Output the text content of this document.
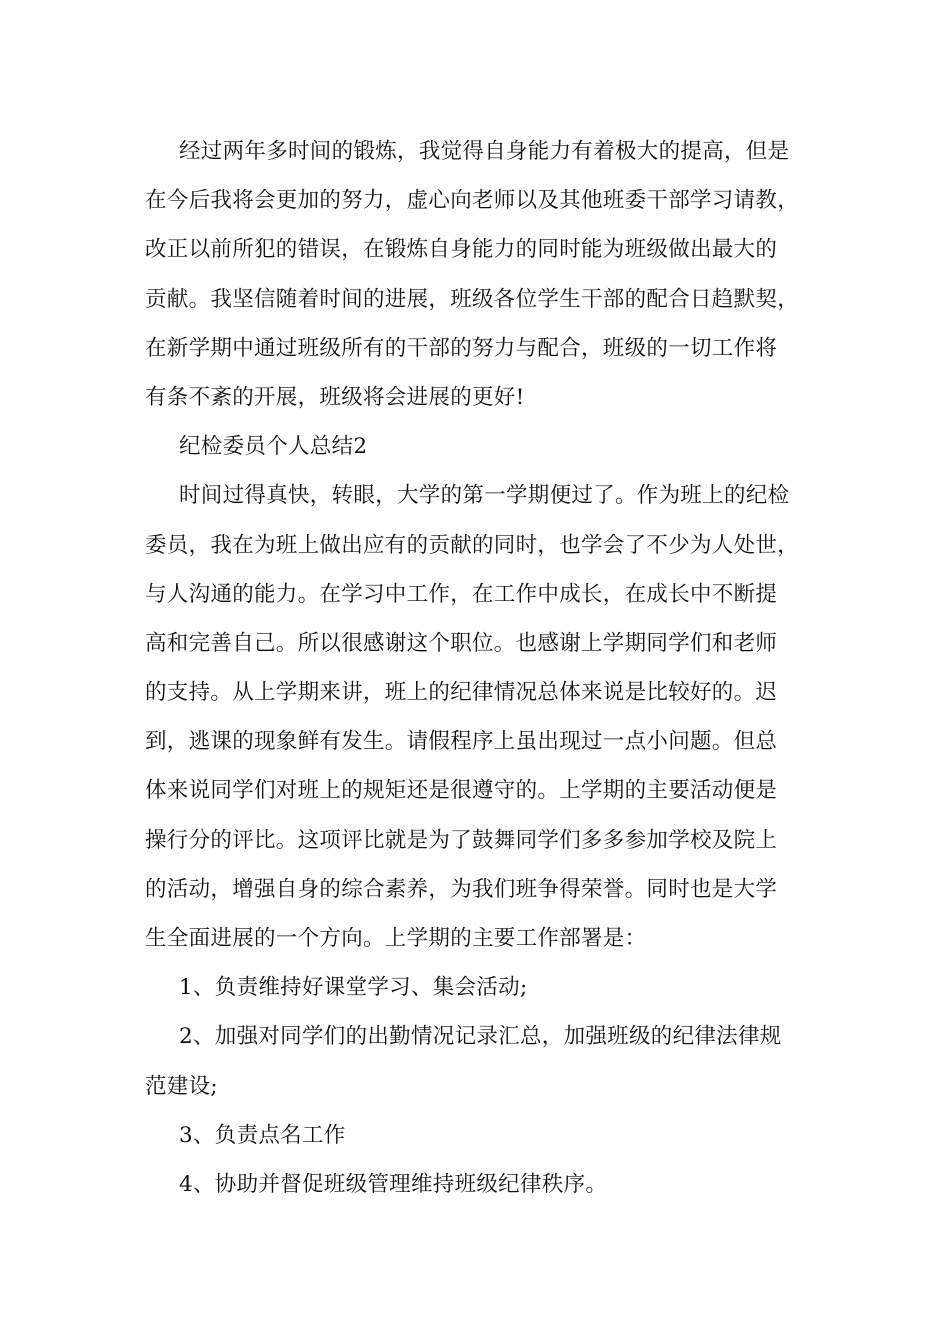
经过两年多时间的锻炼，我觉得自身能力有着极大的提高，但是
在今后我将会更加的努力，虚心向老师以及其他班委干部学习请教，
改正以前所犯的错误，在锻炼自身能力的同时能为班级做出最大的
贡献。我坚信随着时间的进展，班级各位学生干部的配合日趋默契，
在新学期中通过班级所有的干部的努力与配合，班级的一切工作将
有条不紊的开展，班级将会进展的更好!
纪检委员个人总结2
时间过得真快，转眼，大学的第一学期便过了。作为班上的纪检
委员，我在为班上做出应有的贡献的同时，也学会了不少为人处世，
与人沟通的能力。在学习中工作，在工作中成长，在成长中不断提
高和完善自己。所以很感谢这个职位。也感谢上学期同学们和老师
的支持。从上学期来讲，班上的纪律情况总体来说是比较好的。迟
到，逃课的现象鲜有发生。请假程序上虽出现过一点小问题。但总
体来说同学们对班上的规矩还是很遵守的。上学期的主要活动便是
操行分的评比。这项评比就是为了鼓舞同学们多多参加学校及院上
的活动，增强自身的综合素养，为我们班争得荣誉。同时也是大学
生全面进展的一个方向。上学期的主要工作部署是：
1、负责维持好课堂学习、集会活动;
2、加强对同学们的出勤情况记录汇总，加强班级的纪律法律规
范建设;
3、负责点名工作
4、协助并督促班级管理维持班级纪律秩序。
